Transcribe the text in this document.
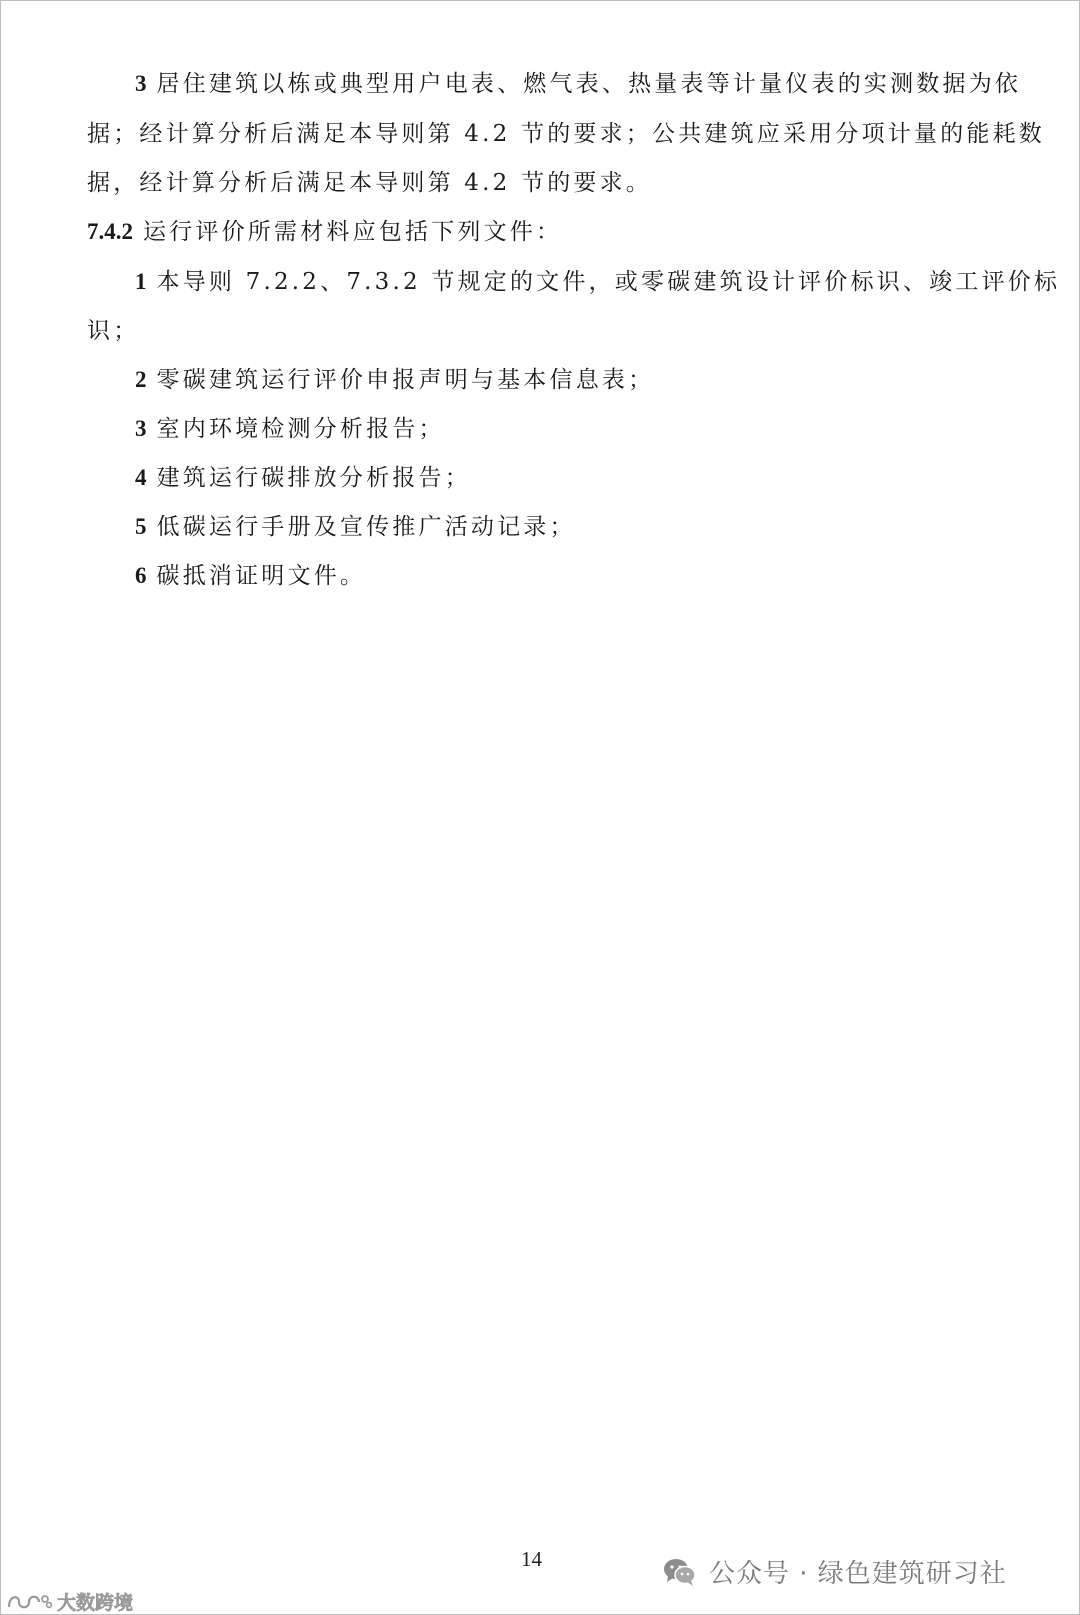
3 居住建筑以栋或典型用户电表、燃气表、热量表等计量仪表的实测数据为依
据；经计算分析后满足本导则第 4.2 节的要求；公共建筑应采用分项计量的能耗数
据，经计算分析后满足本导则第 4.2 节的要求。
7.4.2 运行评价所需材料应包括下列文件：
1 本导则 7.2.2、7.3.2 节规定的文件，或零碳建筑设计评价标识、竣工评价标
识；
2 零碳建筑运行评价申报声明与基本信息表；
3 室内环境检测分析报告；
4 建筑运行碳排放分析报告；
5 低碳运行手册及宣传推广活动记录；
6 碳抵消证明文件。
14	公众号 · 绿色建筑研习社
大数跨境
